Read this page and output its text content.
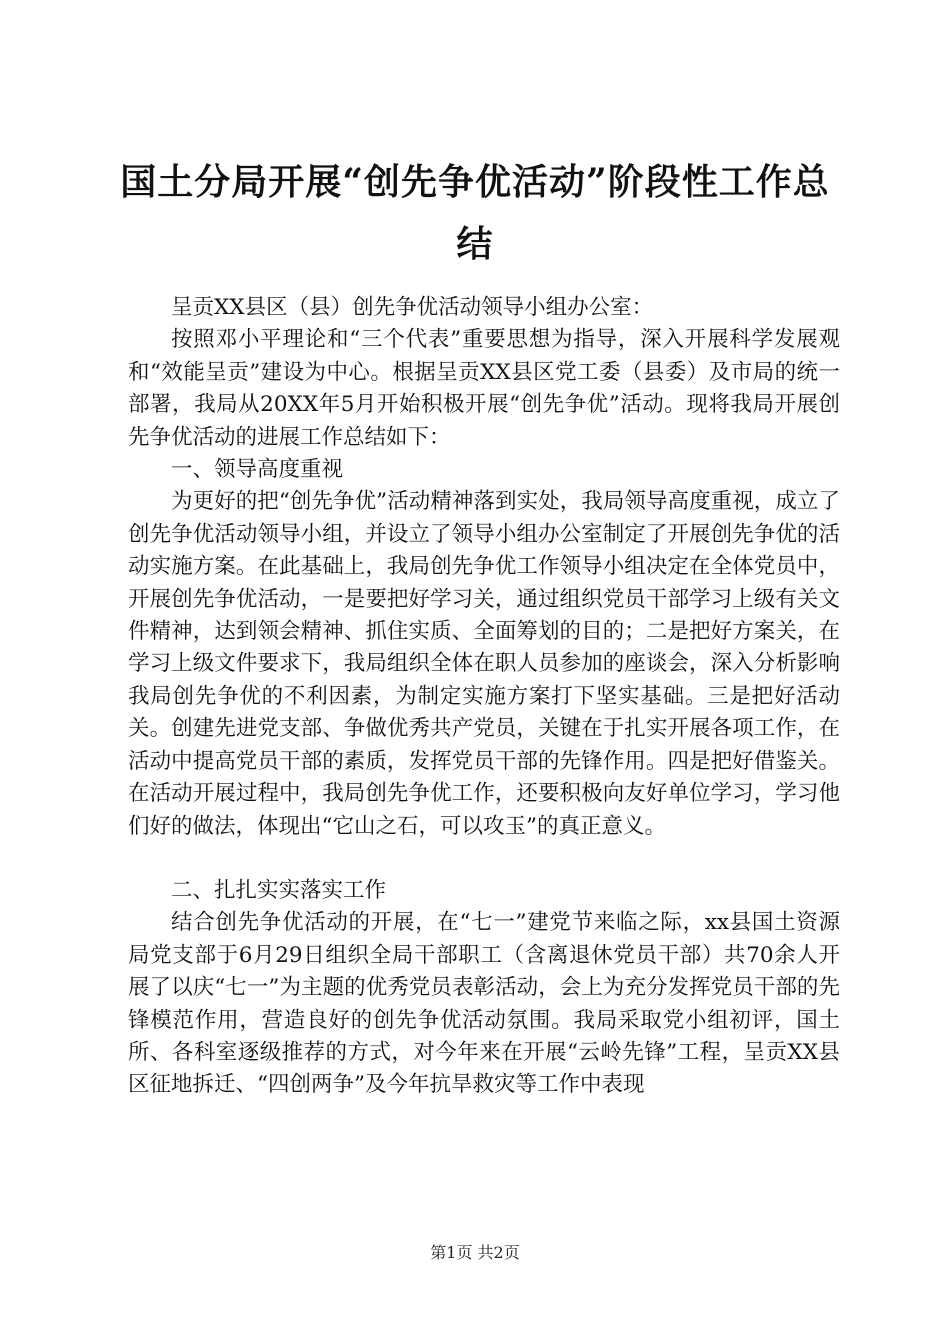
国土分局开展“创先争优活动”阶段性工作总
结

呈贡XX县区（县）创先争优活动领导小组办公室：

按照邓小平理论和“三个代表”重要思想为指导，深入开展科学发展观和“效能呈贡”建设为中心。根据呈贡XX县区党工委（县委）及市局的统一部署，我局从20XX年5月开始积极开展“创先争优”活动。现将我局开展创先争优活动的进展工作总结如下：

一、领导高度重视

为更好的把“创先争优”活动精神落到实处，我局领导高度重视，成立了创先争优活动领导小组，并设立了领导小组办公室制定了开展创先争优的活动实施方案。在此基础上，我局创先争优工作领导小组决定在全体党员中，开展创先争优活动，一是要把好学习关，通过组织党员干部学习上级有关文件精神，达到领会精神、抓住实质、全面筹划的目的；二是把好方案关，在学习上级文件要求下，我局组织全体在职人员参加的座谈会，深入分析影响我局创先争优的不利因素，为制定实施方案打下坚实基础。三是把好活动关。创建先进党支部、争做优秀共产党员，关键在于扎实开展各项工作，在活动中提高党员干部的素质，发挥党员干部的先锋作用。四是把好借鉴关。在活动开展过程中，我局创先争优工作，还要积极向友好单位学习，学习他们好的做法，体现出“它山之石，可以攻玉”的真正意义。

二、扎扎实实落实工作

结合创先争优活动的开展，在“七一”建党节来临之际，xx县国土资源局党支部于6月29日组织全局干部职工（含离退休党员干部）共70余人开展了以庆“七一”为主题的优秀党员表彰活动，会上为充分发挥党员干部的先锋模范作用，营造良好的创先争优活动氛围。我局采取党小组初评，国土所、各科室逐级推荐的方式，对今年来在开展“云岭先锋”工程，呈贡XX县区征地拆迁、“四创两争”及今年抗旱救灾等工作中表现

第1页 共2页
